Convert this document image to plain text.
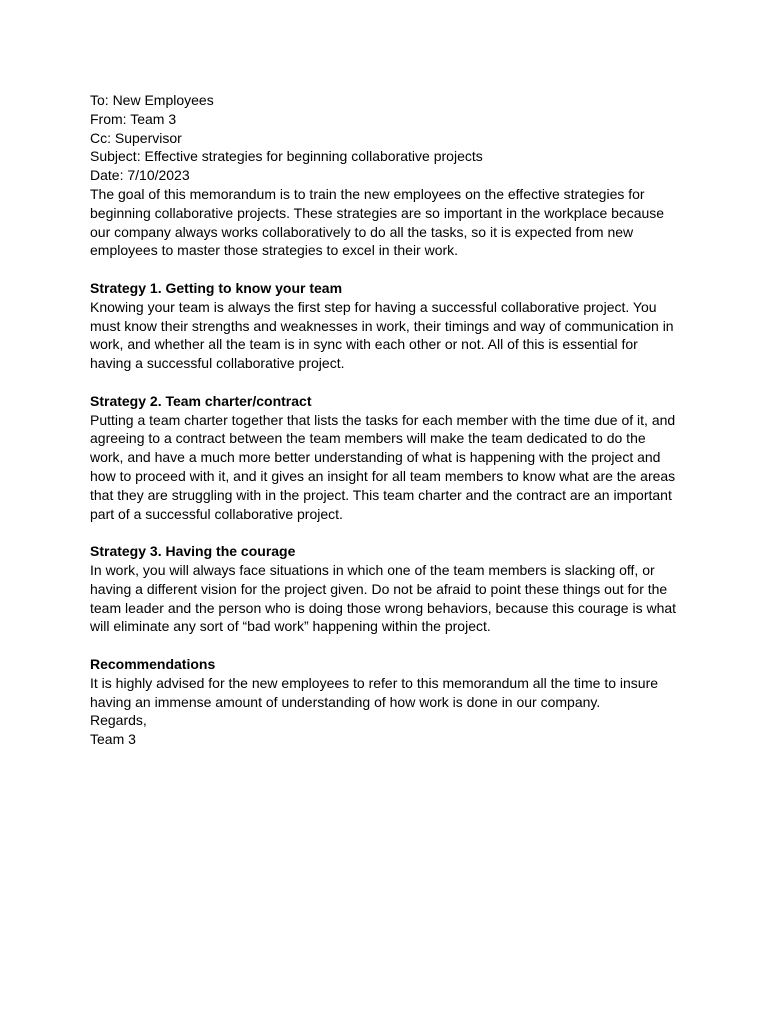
To: New Employees
From: Team 3
Cc: Supervisor
Subject: Effective strategies for beginning collaborative projects
Date: 7/10/2023

The goal of this memorandum is to train the new employees on the effective strategies for beginning collaborative projects. These strategies are so important in the workplace because our company always works collaboratively to do all the tasks, so it is expected from new employees to master those strategies to excel in their work.

Strategy 1. Getting to know your team
Knowing your team is always the first step for having a successful collaborative project. You must know their strengths and weaknesses in work, their timings and way of communication in work, and whether all the team is in sync with each other or not. All of this is essential for having a successful collaborative project.
Strategy 2. Team charter/contract
Putting a team charter together that lists the tasks for each member with the time due of it, and agreeing to a contract between the team members will make the team dedicated to do the work, and have a much more better understanding of what is happening with the project and how to proceed with it, and it gives an insight for all team members to know what are the areas that they are struggling with in the project. This team charter and the contract are an important part of a successful collaborative project.
Strategy 3. Having the courage
In work, you will always face situations in which one of the team members is slacking off, or having a different vision for the project given. Do not be afraid to point these things out for the team leader and the person who is doing those wrong behaviors, because this courage is what will eliminate any sort of “bad work” happening within the project.
Recommendations
It is highly advised for the new employees to refer to this memorandum all the time to insure having an immense amount of understanding of how work is done in our company.

Regards,

Team 3
